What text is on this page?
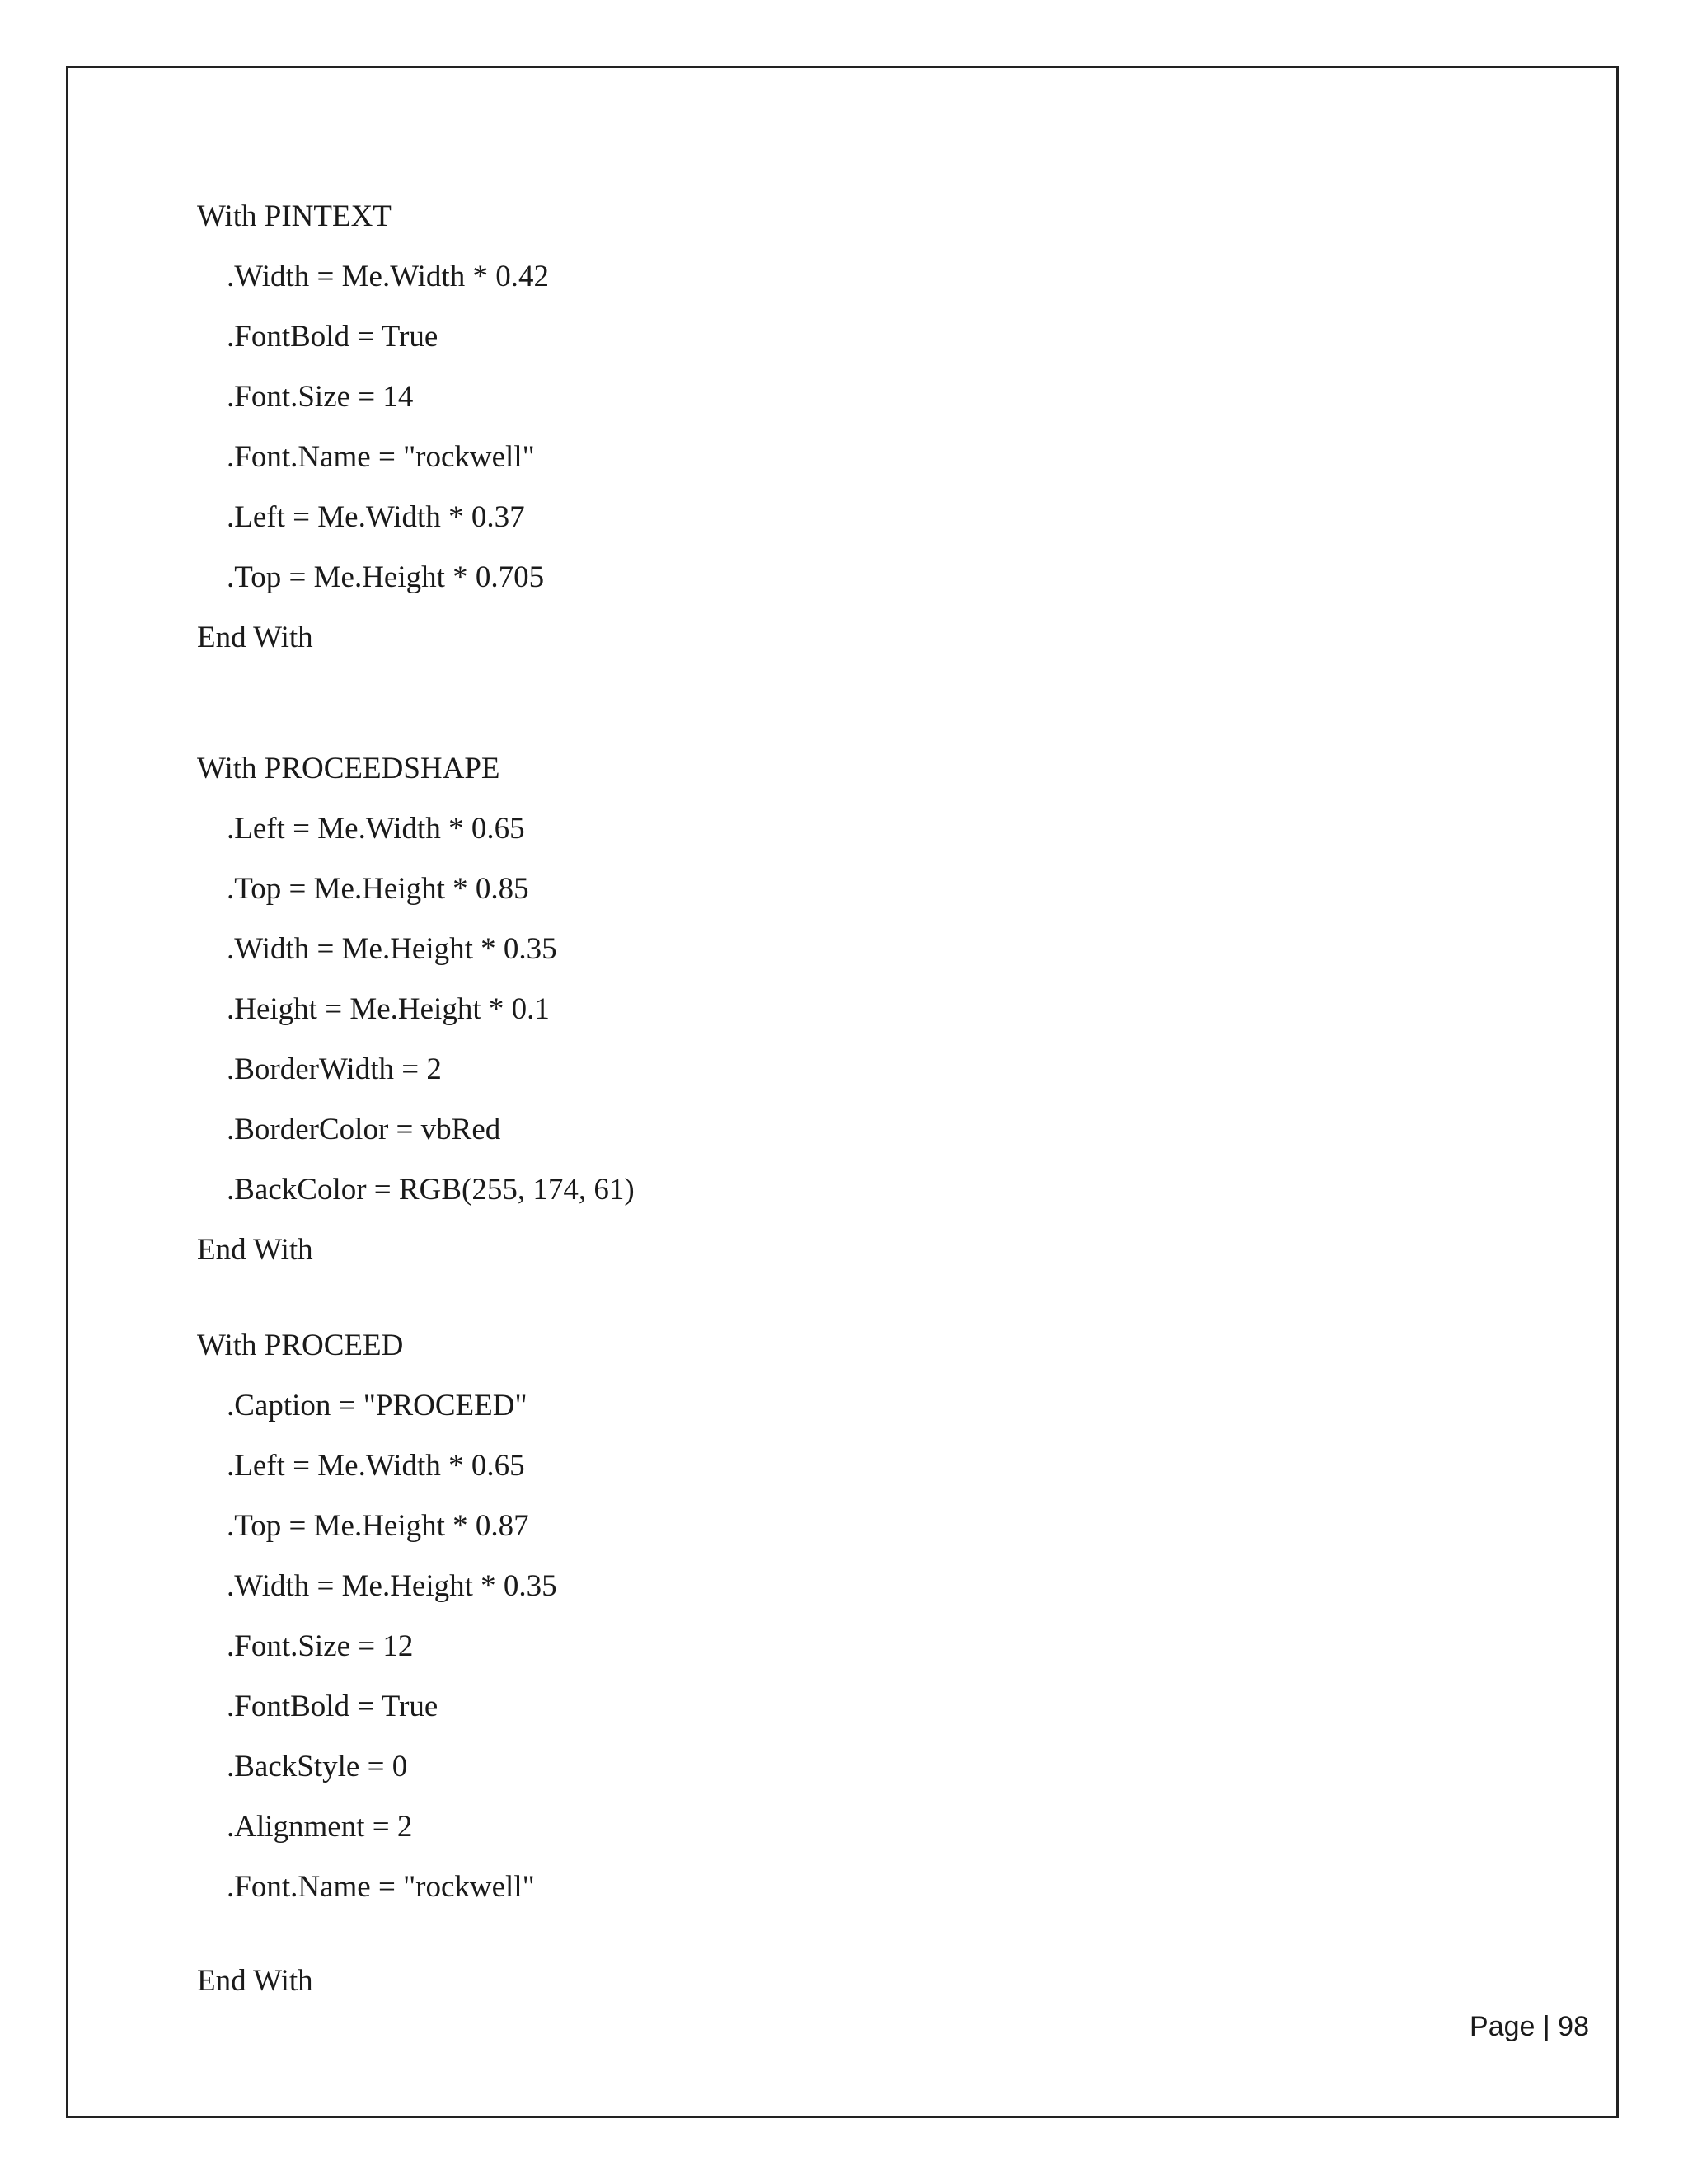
With PINTEXT
.Width = Me.Width * 0.42
.FontBold = True
.Font.Size = 14
.Font.Name = "rockwell"
.Left = Me.Width * 0.37
.Top = Me.Height * 0.705
End With
With PROCEEDSHAPE
.Left = Me.Width * 0.65
.Top = Me.Height * 0.85
.Width = Me.Height * 0.35
.Height = Me.Height * 0.1
.BorderWidth = 2
.BorderColor = vbRed
.BackColor = RGB(255, 174, 61)
End With
With PROCEED
.Caption = "PROCEED"
.Left = Me.Width * 0.65
.Top = Me.Height * 0.87
.Width = Me.Height * 0.35
.Font.Size = 12
.FontBold = True
.BackStyle = 0
.Alignment = 2
.Font.Name = "rockwell"
End With
Page | 98
